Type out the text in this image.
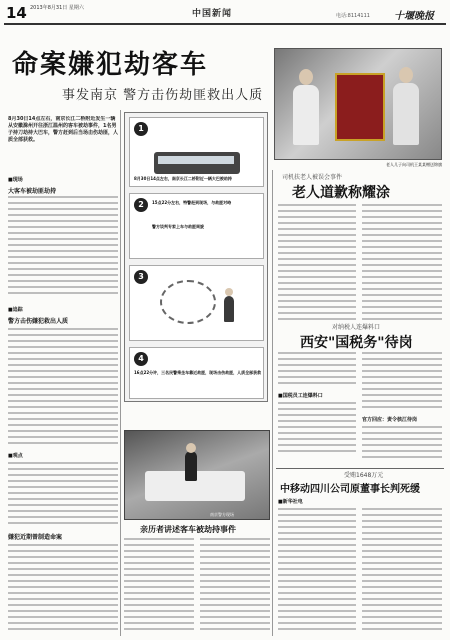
14 2013年8月31日 星期六
中国新闻	电话:8114111 十堰晚报
命案嫌犯劫客车
事发南京 警方击伤劫匪救出人质
8月30日14点左右，南京长江二桥附近发生一辆从安徽滁州开往浙江温州的客车被劫事件，1名男子持刀劫持大巴车，警方赶到后当场击伤劫匪，人质全部获救。
■现场
大客车被劫匪劫持
■追踪
警方击伤嫌犯救出人质
■观点
嫌犯近期曾制造命案
1
8月30日14点左右，南京长江二桥附近一辆大巴被劫持
2	15点22分左右，特警赶到现场，与劫匪对峙
警方谈判专家上车与劫匪周旋
3
4
16点22分许，三名民警乘坐车靠近劫匪，现场击伤劫匪，人质全部获救
老人儿子向司机王某某赠送锦旗
司机扶老人被误会事件
老人道歉称耀涂
对纳税人连爆料口
西安"国税务"待岗
■国税员工连爆料口
官方回应：责令核江待岗
受贿1648万元
中移动四川公司原董事长判死缓
■新华社电
南京警方现场
亲历者讲述客车被劫持事件
